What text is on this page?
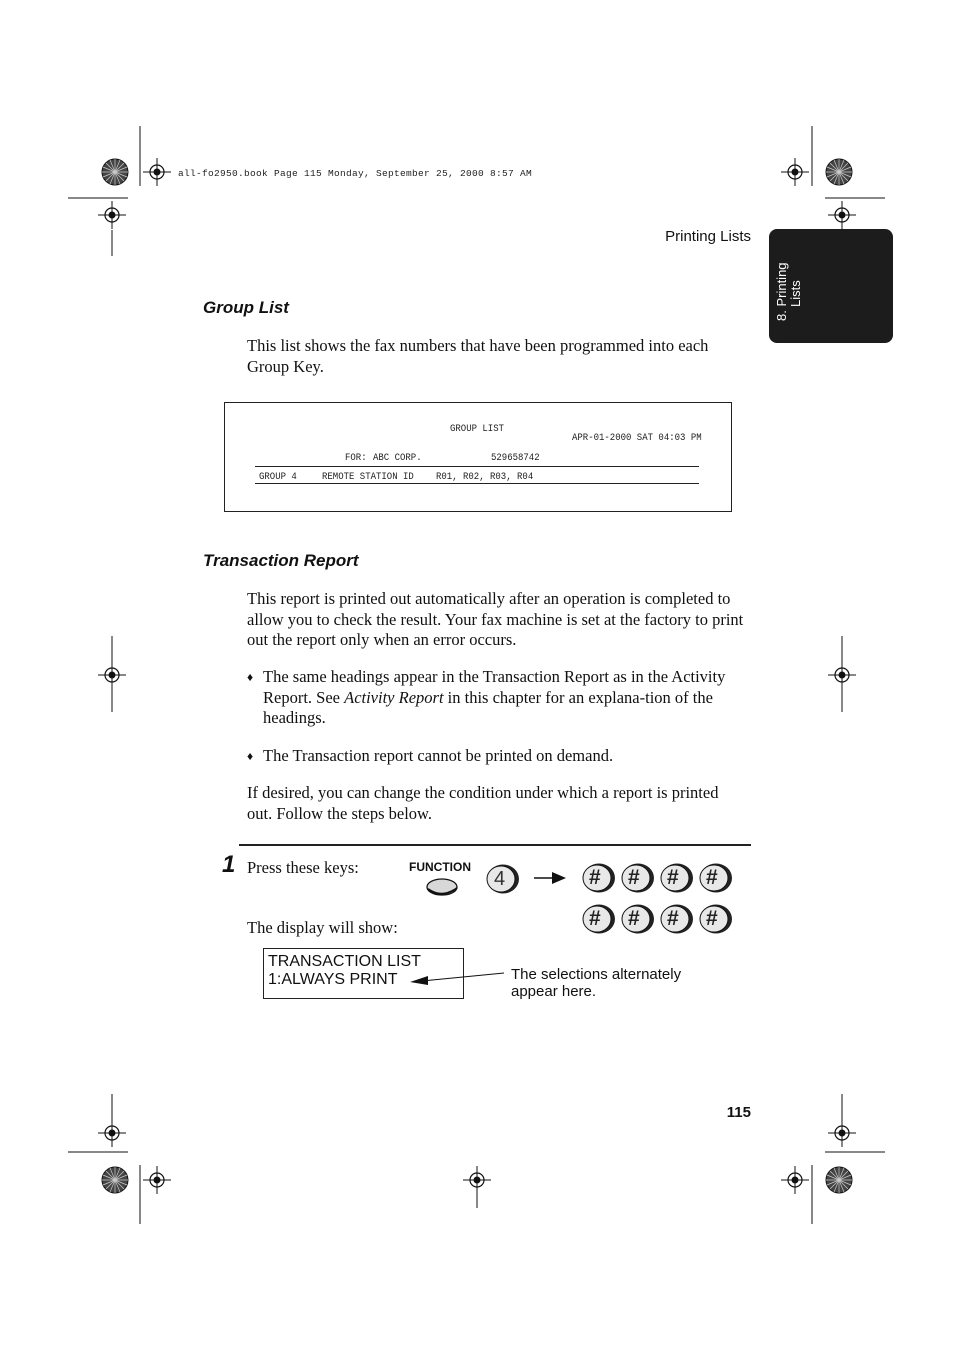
all-fo2950.book Page 115 Monday, September 25, 2000 8:57 AM
Printing Lists
8. Printing Lists
Group List
This list shows the fax numbers that have been programmed into each Group Key.
GROUP LIST
APR-01-2000 SAT 04:03 PM
FOR: ABC CORP.	529658742
GROUP 4	REMOTE STATION ID R01, R02, R03, R04
Transaction Report
This report is printed out automatically after an operation is completed to allow you to check the result. Your fax machine is set at the factory to print out the report only when an error occurs.
♦ The same headings appear in the Transaction Report as in the Activity Report. See Activity Report in this chapter for an explana-tion of the headings.
♦ The Transaction report cannot be printed on demand.
If desired, you can change the condition under which a report is printed out. Follow the steps below.
1 Press these keys:	FUNCTION
4	# # # #
# # # #
The display will show:
TRANSACTION LIST
1:ALWAYS PRINT	The selections alternately appear here.
115
